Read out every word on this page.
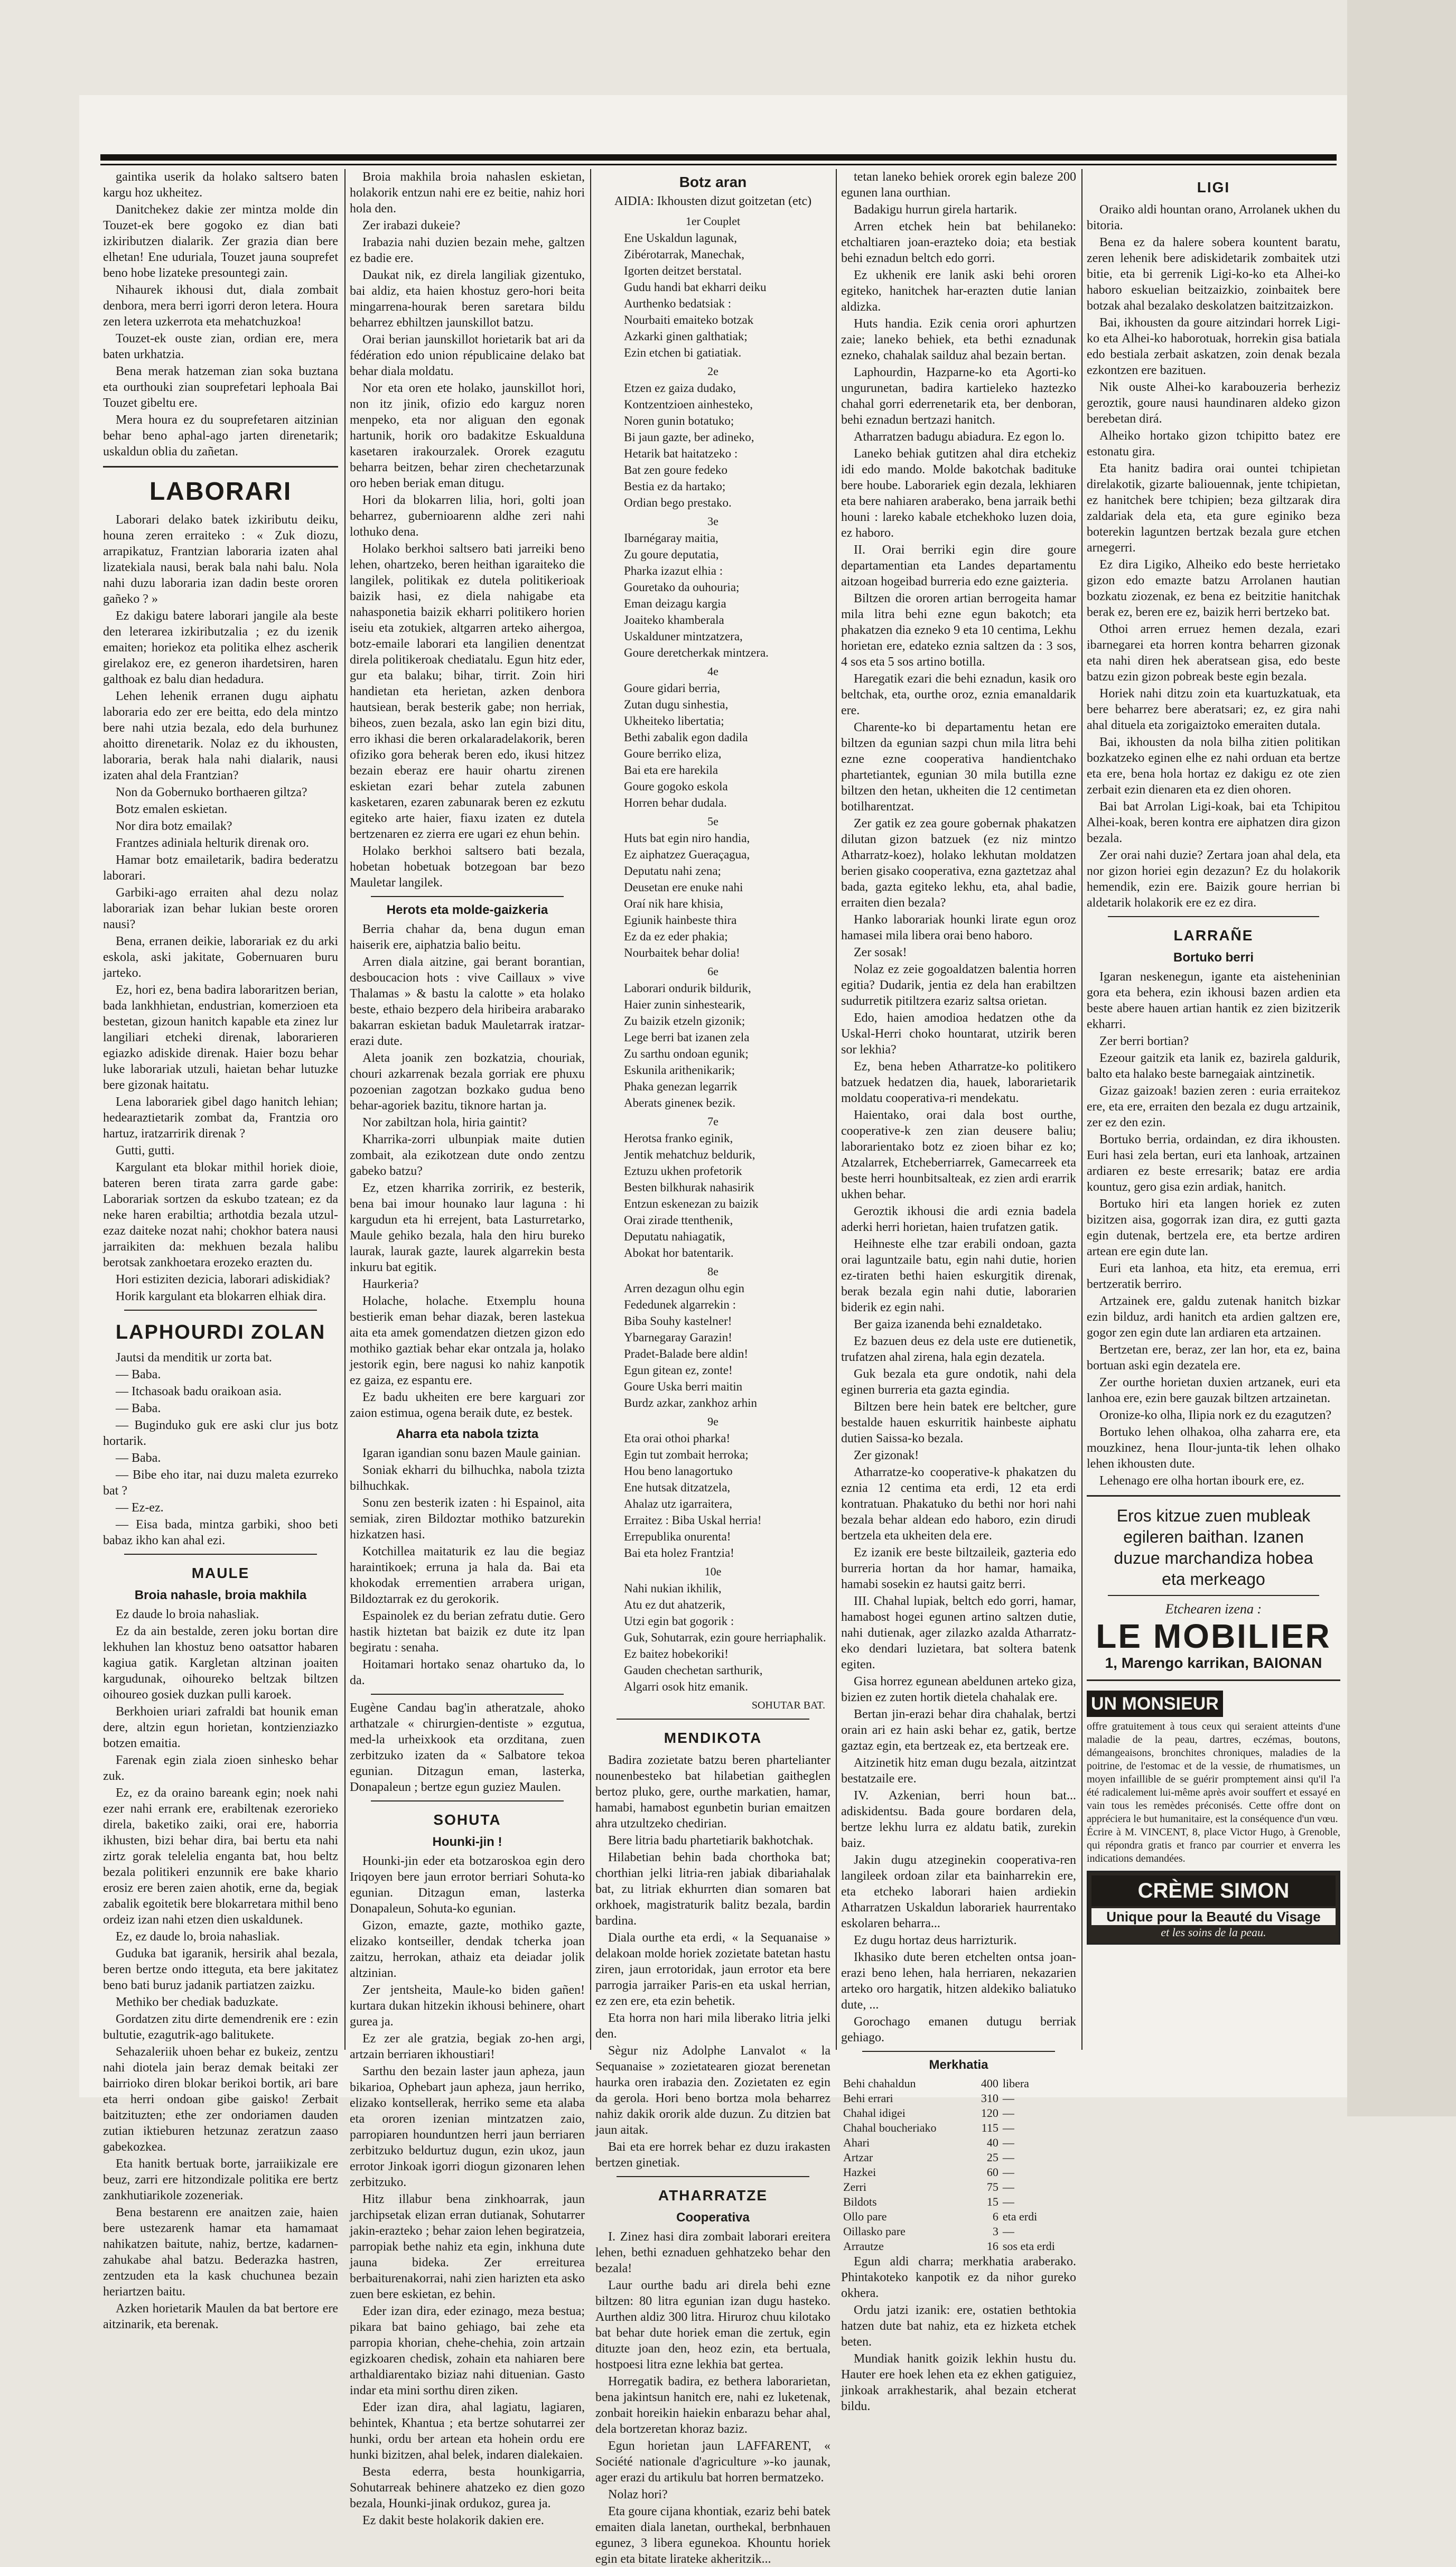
gaintika userik da holako saltsero baten kargu hoz ukheitez.

Danitchekez dakie zer mintza molde din Touzet-ek bere gogoko ez dian bati izkiributzen dialarik. Zer grazia dian bere elhetan! Ene uduriala, Touzet jauna souprefet beno hobe lizateke presountegi zain.

Nihaurek ikhousi dut, diala zombait denbora, mera berri igorri deron letera. Houra zen letera uzkerrota eta mehatchuzkoa!

Touzet-ek ouste zian, ordian ere, mera baten urkhatzia.

Bena merak hatzeman zian soka buztana eta ourthouki zian souprefetari lephoala Bai Touzet gibeltu ere.

Mera houra ez du souprefetaren aitzinian behar beno aphal-ago jarten direnetarik; uskaldun oblia du zañetan.

LABORARI

Laborari delako batek izkiributu deiku, houna zeren erraiteko : « Zuk diozu, arrapikatuz, Frantzian laboraria izaten ahal lizatekiala nausi, berak bala nahi balu. Nola nahi duzu laboraria izan dadin beste ororen gañeko ? »

Ez dakigu batere laborari jangile ala beste den leterarea izkiributzalia ; ez du izenik emaiten; horiekoz eta politika elhez ascherik girelakoz ere, ez generon ihardetsiren, haren galthoak ez balu dian hedadura.

Lehen lehenik erranen dugu aiphatu laboraria edo zer ere beitta, edo dela mintzo bere nahi utzia bezala, edo dela burhunez ahoitto direnetarik. Nolaz ez du ikhousten, laboraria, berak hala nahi dialarik, nausi izaten ahal dela Frantzian?

Non da Gobernuko borthaeren giltza?

Botz emalen eskietan.

Nor dira botz emailak?

Frantzes adiniala helturik direnak oro.

Hamar botz emailetarik, badira bederatzu laborari.

Garbiki-ago erraiten ahal dezu nolaz laborariak izan behar lukian beste ororen nausi?

Bena, erranen deikie, laborariak ez du arki eskola, aski jakitate, Gobernuaren buru jarteko.

Ez, hori ez, bena badira laboraritzen berian, bada lankhhietan, endustrian, komerzioen eta bestetan, gizoun hanitch kapable eta zinez lur langiliari etcheki direnak, laborarieren egiazko adiskide direnak. Haier bozu behar luke laborariak utzuli, haietan behar lutuzke bere gizonak haitatu.

Lena laborariek gibel dago hanitch lehian; hedearaztietarik zombat da, Frantzia oro hartuz, iratzarririk direnak ?

Gutti, gutti.

Kargulant eta blokar mithil horiek dioie, bateren beren tirata zarra garde gabe: Laborariak sortzen da eskubo tzatean; ez da neke haren erabiltia; arthotdia bezala utzul-ezaz daiteke nozat nahi; chokhor batera nausi jarraikiten da: mekhuen bezala halibu berotsak zankhoetara erozeko erazten du.

Hori estiziten dezicia, laborari adiskidiak?

Horik kargulant eta blokarren elhiak dira.

LAPHOURDI ZOLAN

Jautsi da menditik ur zorta bat.

— Baba.

— Itchasoak badu oraikoan asia.

— Baba.

— Buginduko guk ere aski clur jus botz hortarik.

— Baba.

— Bibe eho itar, nai duzu maleta ezurreko bat ?

— Ez-ez.

— Eisa bada, mintza garbiki, shoo beti babaz ikho kan ahal ezi.

MAULE
Broia nahasle, broia makhila

Ez daude lo broia nahasliak.

Ez da ain bestalde, zeren joku bortan dire lekhuhen lan khostuz beno oatsattor habaren kagiua gatik. Kargletan altzinan joaiten kargudunak, oihoureko beltzak biltzen oihoureo gosiek duzkan pulli karoek.

Berkhoien uriari zafraldi bat hounik eman dere, altzin egun horietan, kontzienziazko botzen emaitia.

Farenak egin ziala zioen sinhesko behar zuk.

Ez, ez da oraino bareank egin; noek nahi ezer nahi errank ere, erabiltenak ezerorieko direla, baketiko zaiki, orai ere, haborria ikhusten, bizi behar dira, bai bertu eta nahi zirtz gorak telelelia enganta bat, hou beltz bezala politikeri enzunnik ere bake khario erosiz ere beren zaien ahotik, erne da, begiak zabalik egoitetik bere blokarretara mithil beno ordeiz izan nahi etzen dien uskaldunek.

Ez, ez daude lo, broia nahasliak.

Guduka bat igaranik, hersirik ahal bezala, beren bertze ondo itteguta, eta bere jakitatez beno bati buruz jadanik partiatzen zaizku.

Methiko ber chediak baduzkate.

Gordatzen zitu dirte demendrenik ere : ezin bultutie, ezagutrik-ago balitukete.

Sehazaleriik uhoen behar ez bukeiz, zentzu nahi diotela jain beraz demak beitaki zer bairrioko diren blokar berikoi bortik, ari bare eta herri ondoan gibe gaisko! Zerbait baitzituzten; ethe zer ondoriamen dauden zutian iktieburen hetzunaz zeratzun zaaso gabekozkea.

Eta hanitk bertuak borte, jarraiikizale ere beuz, zarri ere hitzondizale politika ere bertz zankhutiarikole zozeneriak.

Bena bestarenn ere anaitzen zaie, haien bere ustezarenk hamar eta hamamaat nahikatzen baitute, nahiz, bertze, kadarnen-zahukabe ahal batzu. Bederazka hastren, zentzuden eta la kask chuchunea bezain heriartzen baitu.

Azken horietarik Maulen da bat bertore ere aitzinarik, eta berenak.

Broia makhila broia nahaslen eskietan, holakorik entzun nahi ere ez beitie, nahiz hori hola den.

Zer irabazi dukeie?

Irabazia nahi duzien bezain mehe, galtzen ez badie ere.

Daukat nik, ez direla langiliak gizentuko, bai aldiz, eta haien khostuz gero-hori beita mingarrena-hourak beren saretara bildu beharrez ebhiltzen jaunskillot batzu.

Orai berian jaunskillot horietarik bat ari da fédération edo union républicaine delako bat behar diala moldatu.

Nor eta oren ete holako, jaunskillot hori, non itz jinik, ofizio edo karguz noren menpeko, eta nor aliguan den egonak hartunik, horik oro badakitze Eskualduna kasetaren irakourzalek. Ororek ezagutu beharra beitzen, behar ziren chechetarzunak oro heben beriak eman ditugu.

Hori da blokarren lilia, hori, golti joan beharrez, gubernioarenn aldhe zeri nahi lothuko dena.

Holako berkhoi saltsero bati jarreiki beno lehen, ohartzeko, beren heithan igaraiteko die langilek, politikak ez dutela politikerioak baizik hasi, ez diela nahigabe eta nahasponetia baizik ekharri politikero horien iseiu eta zotukiek, altgarren arteko aihergoa, botz-emaile laborari eta langilien denentzat direla politikeroak chediatalu. Egun hitz eder, gur eta balaku; bihar, tirrit. Zoin hiri handietan eta herietan, azken denbora hautsiean, berak besterik gabe; non herriak, biheos, zuen bezala, asko lan egin bizi ditu, erro ikhasi die beren orkalaradelakorik, beren ofiziko gora beherak beren edo, ikusi hitzez bezain eberaz ere hauir ohartu zirenen eskietan ezari behar zutela zabunen kasketaren, ezaren zabunarak beren ez ezkutu egiteko arte haier, fiaxu izaten ez dutela bertzenaren ez zierra ere ugari ez ehun behin.

Holako berkhoi saltsero bati bezala, hobetan hobetuak botzegoan bar bezo Mauletar langilek.

Herots eta molde-gaizkeria

Berria chahar da, bena dugun eman haiserik ere, aiphatzia balio beitu.

Arren diala aitzine, gai berant borantian, desboucacion hots : vive Caillaux » vive Thalamas » & bastu la calotte » eta holako beste, ethaio bezpero dela hiribeira arabarako bakarran eskietan baduk Mauletarrak iratzar-erazi dute.

Aleta joanik zen bozkatzia, chouriak, chouri azkarrenak bezala gorriak ere phuxu pozoenian zagotzan bozkako gudua beno behar-agoriek bazitu, tiknore hartan ja.

Nor zabiltzan hola, hiria gaintit?

Kharrika-zorri ulbunpiak maite dutien zombait, ala ezikotzean dute ondo zentzu gabeko batzu?

Ez, etzen kharrika zorririk, ez besterik, bena bai imour hounako laur laguna : hi kargudun eta hi errejent, bata Lasturretarko, Maule gehiko bezala, hala den hiru bureko laurak, laurak gazte, laurek algarrekin besta inkuru bat egitik.

Haurkeria?

Holache, holache. Etxemplu houna bestierik eman behar diazak, beren lastekua aita eta amek gomendatzen dietzen gizon edo mothiko gaztiak behar ekar ontzala ja, holako jestorik egin, bere nagusi ko nahiz kanpotik ez gaiza, ez espantu ere.

Ez badu ukheiten ere bere karguari zor zaion estimua, ogena beraik dute, ez bestek.

Aharra eta nabola tzizta

Igaran igandian sonu bazen Maule gainian.

Soniak ekharri du bilhuchka, nabola tzizta bilhuchkak.

Sonu zen besterik izaten : hi Espainol, aita semiak, ziren Bildoztar mothiko batzurekin hizkatzen hasi.

Kotchillea maitaturik ez lau die begiaz haraintikoek; erruna ja hala da. Bai eta khokodak errementien arrabera urigan, Bildoztarrak ez du gerokorik.

Espainolek ez du berian zefratu dutie. Gero hastik hiztetan bat baizik ez dute itz lpan begiratu : senaha.

Hoitamari hortako senaz ohartuko da, lo da.

Eugène Candau bag'in atheratzale, ahoko arthatzale « chirurgien-dentiste » ezgutua, med-la urheixkook eta orzditana, zuen zerbitzuko izaten da « Salbatore tekoa egunian. Ditzagun eman, lasterka, Donapaleun ; bertze egun guziez Maulen.

SOHUTA
Hounki-jin !

Hounki-jin eder eta botzaroskoa egin dero Iriqoyen bere jaun errotor berriari Sohuta-ko egunian. Ditzagun eman, lasterka Donapaleun, Sohuta-ko egunian.

Gizon, emazte, gazte, mothiko gazte, elizako kontseiller, dendak tcherka joan zaitzu, herrokan, athaiz eta deiadar jolik altzinian.

Zer jentsheita, Maule-ko biden gañen! kurtara dukan hitzekin ikhousi behinere, ohart gurea ja.

Ez zer ale gratzia, begiak zo-hen argi, artzain berriaren ikhoustiari!

Sarthu den bezain laster jaun apheza, jaun bikarioa, Ophebart jaun apheza, jaun herriko, elizako kontsellerak, herriko seme eta alaba eta ororen izenian mintzatzen zaio, parropiaren hounduntzen herri jaun berriaren zerbitzuko beldurtuz dugun, ezin ukoz, jaun errotor Jinkoak igorri diogun gizonaren lehen zerbitzuko.

Hitz illabur bena zinkhoarrak, jaun jarchipsetak elizan erran dutianak, Sohutarrer jakin-erazteko ; behar zaion lehen begiratzeia, parropiak bethe nahiz eta egin, inkhuna dute jauna bideka. Zer erreiturea berbaiturenakorrai, nahi zien harizten eta asko zuen bere eskietan, ez behin.

Eder izan dira, eder ezinago, meza bestua; pikara bat baino gehiago, bai zehe eta parropia khorian, chehe-chehia, zoin artzain egizkoaren chedisk, zohain eta nahiaren bere arthaldiarentako biziaz nahi dituenian. Gasto indar eta mini sorthu diren ziken.

Eder izan dira, ahal lagiatu, lagiaren, behintek, Khantua ; eta bertze sohutarrei zer hunki, ordu ber artean eta hohein ordu ere hunki bizitzen, ahal belek, indaren dialekaien.

Besta ederra, besta hounkigarria, Sohutarreak behinere ahatzeko ez dien gozo bezala, Hounki-jinak ordukoz, gurea ja.

Ez dakit beste holakorik dakien ere.

Botz aran
AIDIA: Ikhousten dizut goitzetan (etc)
1er Couplet

Ene Uskaldun lagunak,

Zibérotarrak, Manechak,

Igorten deitzet berstatal.

Gudu handi bat ekharri deiku

Aurthenko bedatsiak :

Nourbaiti emaiteko botzak

Azkarki ginen galthatiak;

Ezin etchen bi gatiatiak.

2e

Etzen ez gaiza dudako,

Kontzentzioen ainhesteko,

Noren gunin botatuko;

Bi jaun gazte, ber adineko,

Hetarik bat haitatzeko :

Bat zen goure fedeko

Bestia ez da hartako;

Ordian bego prestako.

3e

Ibarnégaray maitia,

Zu goure deputatia,

Pharka izazut elhia :

Gouretako da ouhouria;

Eman deizagu kargia

Joaiteko khamberala

Uskalduner mintzatzera,

Goure deretcherkak mintzera.

4e

Goure gidari berria,

Zutan dugu sinhestia,

Ukheiteko libertatia;

Bethi zabalik egon dadila

Goure berriko eliza,

Bai eta ere harekila

Goure gogoko eskola

Horren behar dudala.

5e

Huts bat egin niro handia,

Ez aiphatzez Gueraçagua,

Deputatu nahi zena;

Deusetan ere enuke nahi

Oraí nik hare khisia,

Egiunik hainbeste thira

Ez da ez eder phakia;

Nourbaitek behar dolia!

6e

Laborari ondurik bildurik,

Haier zunin sinhestearik,

Zu baizik etzeln gizonik;

Lege berri bat izanen zela

Zu sarthu ondoan egunik;

Eskunila arithenikarik;

Phaka genezan legarrik

Aberats gineneк bezik.

7e

Herotsa franko eginik,

Jentik mehatchuz beldurik,

Eztuzu ukhen profetorik

Besten bilkhurak nahasirik

Entzun eskenezan zu baizik

Orai zirade ttenthenik,

Deputatu nahiagatik,

Abokat hor batentarik.

8e

Arren dezagun olhu egin

Fededunek algarrekin :

Biba Souhy kastelner!

Ybarnegaray Garazin!

Pradet-Balade bere aldin!

Egun gitean ez, zonte!

Goure Uska berri maitin

Burdz azkar, zankhoz arhin

9e

Eta orai othoi pharka!

Egin tut zombait herroka;

Hou beno lanagortuko

Ene hutsak ditzatzela,

Ahalaz utz igarraitera,

Erraitez : Biba Uskal herria!

Errepublika onurenta!

Bai eta holez Frantzia!

10e

Nahi nukian ikhilik,

Atu ez dut ahatzerik,

Utzi egin bat gogorik :

Guk, Sohutarrak, ezin goure herriaphalik.

Ez baitez hobekoriki!

Gauden chechetan sarthurik,

Algarri osok hitz emanik.

SOHUTAR BAT.
MENDIKOTA

Badira zozietate batzu beren phartelianter nounenbesteko bat hilabetian gaitheglen bertoz pluko, gere, ourthe markatien, hamar, hamabi, hamabost egunbetin burian emaitzen ahra utzultzeko chedirian.

Bere litria badu phartetiarik bakhotchak.

Hilabetian behin bada chorthoka bat; chorthian jelki litria-ren jabiak dibariahalak bat, zu litriak ekhurrten dian somaren bat orkhoek, magistraturik balitz bezala, bardin bardina.

Diala ourthe eta erdi, « la Sequanaise » delakoan molde horiek zozietate batetan hastu ziren, jaun errotoridak, jaun errotor eta bere parrogia jarraiker Paris-en eta uskal herrian, ez zen ere, eta ezin behetik.

Eta horra non hari mila liberako litria jelki den.

Sègur niz Adolphe Lanvalot « la Sequanaise » zozietatearen giozat berenetan haurka oren irabazia den. Zozietaten ez egin da gerola. Hori beno bortza mola beharrez nahiz dakik ororik alde duzun. Zu ditzien bat jaun aitak.

Bai eta ere horrek behar ez duzu irakasten bertzen ginetiak.

ATHARRATZE
Cooperativa

I. Zinez hasi dira zombait laborari ereitera lehen, bethi eznaduen gehhatzeko behar den bezala!

Laur ourthe badu ari direla behi ezne biltzen: 80 litra egunian izan dugu hasteko. Aurthen aldiz 300 litra. Hiruroz chuu kilotako bat behar dute horiek eman die zertuk, egin dituzte joan den, heoz ezin, eta bertuala, hostpoesi litra ezne lekhia bat gertea.

Horregatik badira, ez bethera laborarietan, bena jakintsun hanitch ere, nahi ez luketenak, zonbait horeikin haiekin enbarazu behar ahal, dela bortzeretan khoraz baziz.

Egun horietan jaun LAFFARENT, « Société nationale d'agriculture »-ko jaunak, ager erazi du artikulu bat horren bermatzeko.

Nolaz hori?

Eta goure cijana khontiak, ezariz behi batek emaiten diala lanetan, ourthekal, berbnhauen egunez, 3 libera egunekoa. Khountu horiek egin eta bitate lirateke akheritzik...

tetan laneko behiek ororek egin baleze 200 egunen lana ourthian.

Badakigu hurrun girela hartarik.

Arren etchek hein bat behilaneko: etchaltiaren joan-erazteko doia; eta bestiak behi eznadun beltch edo gorri.

Ez ukhenik ere lanik aski behi ororen egiteko, hanitchek har-erazten dutie lanian aldizka.

Huts handia. Ezik cenia orori aphurtzen zaie; laneko behiek, eta bethi eznadunak ezneko, chahalak sailduz ahal bezain bertan.

Laphourdin, Hazparne-ko eta Agorti-ko ungurunetan, badira kartieleko haztezko chahal gorri ederrenetarik eta, ber denboran, behi eznadun bertzazi hanitch.

Atharratzen badugu abiadura. Ez egon lo.

Laneko behiak gutitzen ahal dira etchekiz idi edo mando. Molde bakotchak badituke bere hoube. Laborariek egin dezala, lekhiaren eta bere nahiaren araberako, bena jarraik bethi houni : lareko kabale etchekhoko luzen doia, ez haboro.

II. Orai berriki egin dire goure departamentian eta Landes departamentu aitzoan hogeibad burreria edo ezne gaizteria.

Biltzen die ororen artian berrogeita hamar mila litra behi ezne egun bakotch; eta phakatzen dia ezneko 9 eta 10 centima, Lekhu horietan ere, edateko eznia saltzen da : 3 sos, 4 sos eta 5 sos artino botilla.

Haregatik ezari die behi eznadun, kasik oro beltchak, eta, ourthe oroz, eznia emanaldarik ere.

Charente-ko bi departamentu hetan ere biltzen da egunian sazpi chun mila litra behi ezne ezne cooperativa handientchako phartetiantek, egunian 30 mila butilla ezne biltzen den hetan, ukheiten die 12 centimetan botilharentzat.

Zer gatik ez zea goure gobernak phakatzen dilutan gizon batzuek (ez niz mintzo Atharratz-koez), holako lekhutan moldatzen berien gisako cooperativa, ezna gaztetzaz ahal bada, gazta egiteko lekhu, eta, ahal badie, erraiten dien bezala?

Hanko laborariak hounki lirate egun oroz hamasei mila libera orai beno haboro.

Zer sosak!

Nolaz ez zeie gogoaldatzen balentia horren egitia? Dudarik, jentia ez dela han erabiltzen sudurretik pitiltzera ezariz saltsa orietan.

Edo, haien amodioa hedatzen othe da Uskal-Herri choko hountarat, utzirik beren sor lekhia?

Ez, bena heben Atharratze-ko politikero batzuek hedatzen dia, hauek, laborarietarik moldatu cooperativa-ri mendekatu.

Haientako, orai dala bost ourthe, cooperative-k zen zian deusere baliu; laborarientako botz ez zioen bihar ez ko; Atzalarrek, Etcheberriarrek, Gamecarreek eta beste herri hounbitsalteak, ez zien ardi erarrik ukhen behar.

Geroztik ikhousi die ardi eznia badela aderki herri horietan, haien trufatzen gatik.

Heihneste elhe tzar erabili ondoan, gazta orai laguntzaile batu, egin nahi dutie, horien ez-tiraten bethi haien eskurgitik direnak, berak bezala egin nahi dutie, laborarien biderik ez egin nahi.

Ber gaiza izanenda behi eznaldetako.

Ez bazuen deus ez dela uste ere dutienetik, trufatzen ahal zirena, hala egin dezatela.

Guk bezala eta gure ondotik, nahi dela eginen burreria eta gazta egindia.

Biltzen bere hein batek ere beltcher, gure bestalde hauen eskurritik hainbeste aiphatu dutien Saissa-ko bezala.

Zer gizonak!

Atharratze-ko cooperative-k phakatzen du eznia 12 centima eta erdi, 12 eta erdi kontratuan. Phakatuko du bethi nor hori nahi bezala behar aldean edo haboro, ezin dirudi bertzela eta ukheiten dela ere.

Ez izanik ere beste biltzaileik, gazteria edo burreria hortan da hor hamar, hamaika, hamabi sosekin ez hautsi gaitz berri.

III. Chahal lupiak, beltch edo gorri, hamar, hamabost hogei egunen artino saltzen dutie, nahi dutienak, ager zilazko azalda Atharratz-eko dendari luzietara, bat soltera batenk egiten.

Gisa horrez egunean abeldunen arteko giza, bizien ez zuten hortik dietela chahalak ere.

Bertan jin-erazi behar dira chahalak, bertzi orain ari ez hain aski behar ez, gatik, bertze gaztaz egin, eta bertzeak ez, eta bertzeak ere.

Aitzinetik hitz eman dugu bezala, aitzintzat bestatzaile ere.

IV. Azkenian, berri houn bat... adiskidentsu. Bada goure bordaren dela, bertze lekhu lurra ez aldatu batik, zurekin baiz.

Jakin dugu atzeginekin cooperativa-ren langileek ordoan zilar eta bainharrekin ere, eta etcheko laborari haien ardiekin Atharratzen Uskaldun laborariek haurrentako eskolaren beharra...

Ez dugu hortaz deus harrizturik.

Ikhasiko dute beren etchelten ontsa joan-erazi beno lehen, hala herriaren, nekazarien arteko oro hargatik, hitzen aldekiko baliatuko dute, ...

Gorochago emanen dutugu berriak gehiago.

Merkhatia
Behi chahaldun	400	libera
Behi errari	310	—
Chahal idigei	120	—
Chahal boucheriako	115	—
Ahari	40	—
Artzar	25	—
Hazkei	60	—
Zerri	75	—
Bildots	15	—
Ollo pare	6	eta erdi
Oillasko pare	3	—
Arrautze	16	sos eta erdi

Egun aldi charra; merkhatia araberako. Phintakoteko kanpotik ez da nihor gureko okhera.

Ordu jatzi izanik: ere, ostatien bethtokia hatzen dute bat nahiz, eta ez hizketa etchek beten.

Mundiak hanitk goizik lekhin hustu du. Hauter ere hoek lehen eta ez ekhen gatiguiez, jinkoak arrakhestarik, ahal bezain etcherat bildu.

LIGI

Oraiko aldi hountan orano, Arrolanek ukhen du bitoria.

Bena ez da halere sobera kountent baratu, zeren lehenik bere adiskidetarik zombaitek utzi bitie, eta bi gerrenik Ligi-ko-ko eta Alhei-ko haboro eskuelian beitzaizkio, zoinbaitek bere botzak ahal bezalako deskolatzen baitzitzaizkon.

Bai, ikhousten da goure aitzindari horrek Ligi-ko eta Alhei-ko haborotuak, horrekin gisa batiala edo bestiala zerbait askatzen, zoin denak bezala ezkontzen ere bazituen.

Nik ouste Alhei-ko karabouzeria berheziz geroztik, goure nausi haundinaren aldeko gizon berebetan dirá.

Alheiko hortako gizon tchipitto batez ere estonatu gira.

Eta hanitz badira orai ountei tchipietan direlakotik, gizarte baliouennak, jente tchipietan, ez hanitchek bere tchipien; beza giltzarak dira zaldariak dela eta, eta gure eginiko beza boterekin laguntzen bertzak bezala gure etchen arnegerri.

Ez dira Ligiko, Alheiko edo beste herrietako gizon edo emazte batzu Arrolanen hautian bozkatu ziozenak, ez bena ez beitzitie hanitchak berak ez, beren ere ez, baizik herri bertzeko bat.

Othoi arren erruez hemen dezala, ezari ibarnegarei eta horren kontra beharren gizonak eta nahi diren hek aberatsean gisa, edo beste batzu ezin gizon pobreak beste egin bezala.

Horiek nahi ditzu zoin eta kuartuzkatuak, eta bere beharrez bere aberatsari; ez, ez gira nahi ahal dituela eta zorigaiztoko emeraiten dutala.

Bai, ikhousten da nola bilha zitien politikan bozkatzeko eginen elhe ez nahi orduan eta bertze eta ere, bena hola hortaz ez dakigu ez ote zien zerbait ezin dienaren eta ez dien ohoren.

Bai bat Arrolan Ligi-koak, bai eta Tchipitou Alhei-koak, beren kontra ere aiphatzen dira gizon bezala.

Zer orai nahi duzie? Zertara joan ahal dela, eta nor gizon horiei egin dezazun? Ez du holakorik hemendik, ezin ere. Baizik goure herrian bi aldetarik holakorik ere ez ez dira.

LARRAÑE
Bortuko berri

Igaran neskenegun, igante eta aisteheninian gora eta behera, ezin ikhousi bazen ardien eta beste abere hauen artian hantik ez zien bizitzerik ekharri.

Zer berri bortian?

Ezeour gaitzik eta lanik ez, bazirela galdurik, balto eta halako beste barnegaiak aintzinetik.

Gizaz gaizoak! bazien zeren : euria erraitekoz ere, eta ere, erraiten den bezala ez dugu artzainik, zer ez den ezin.

Bortuko berria, ordaindan, ez dira ikhousten. Euri hasi zela bertan, euri eta lanhoak, artzainen ardiaren ez beste erresarik; bataz ere ardia kountuz, gero gisa ezin ardiak, hanitch.

Bortuko hiri eta langen horiek ez zuten bizitzen aisa, gogorrak izan dira, ez gutti gazta egin dutenak, bertzela ere, eta bertze ardiren artean ere egin dute lan.

Euri eta lanhoa, eta hitz, eta eremua, erri bertzeratik berriro.

Artzainek ere, galdu zutenak hanitch bizkar ezin bilduz, ardi hanitch eta ardien galtzen ere, gogor zen egin dute lan ardiaren eta artzainen.

Bertzetan ere, beraz, zer lan hor, eta ez, baina bortuan aski egin dezatela ere.

Zer ourthe horietan duxien artzanek, euri eta lanhoa ere, ezin bere gauzak biltzen artzainetan.

Oronize-ko olha, Ilipia nork ez du ezagutzen?

Bortuko lehen olhakoa, olha zaharra ere, eta mouzkinez, hena Ilour-junta-tik lehen olhako lehen ikhousten dute.

Lehenago ere olha hortan ibourk ere, ez.

Eros kitzue zuen mubleak
egileren baithan. Izanen
duzue marchandiza hobea
eta merkeago
Etchearen izena :
LE MOBILIER
1, Marengo karrikan, BAIONAN
UN MONSIEUR

offre gratuitement à tous ceux qui seraient atteints d'une maladie de la peau, dartres, eczémas, boutons, démangeaisons, bronchites chroniques, maladies de la poitrine, de l'estomac et de la vessie, de rhumatismes, un moyen infaillible de se guérir promptement ainsi qu'il l'a été radicalement lui-même après avoir souffert et essayé en vain tous les remèdes préconisés. Cette offre dont on appréciera le but humanitaire, est la conséquence d'un vœu.

Écrire à M. VINCENT, 8, place Victor Hugo, à Grenoble, qui répondra gratis et franco par courrier et enverra les indications demandées.

CRÈME SIMON
Unique pour la Beauté du Visage
et les soins de la peau.
